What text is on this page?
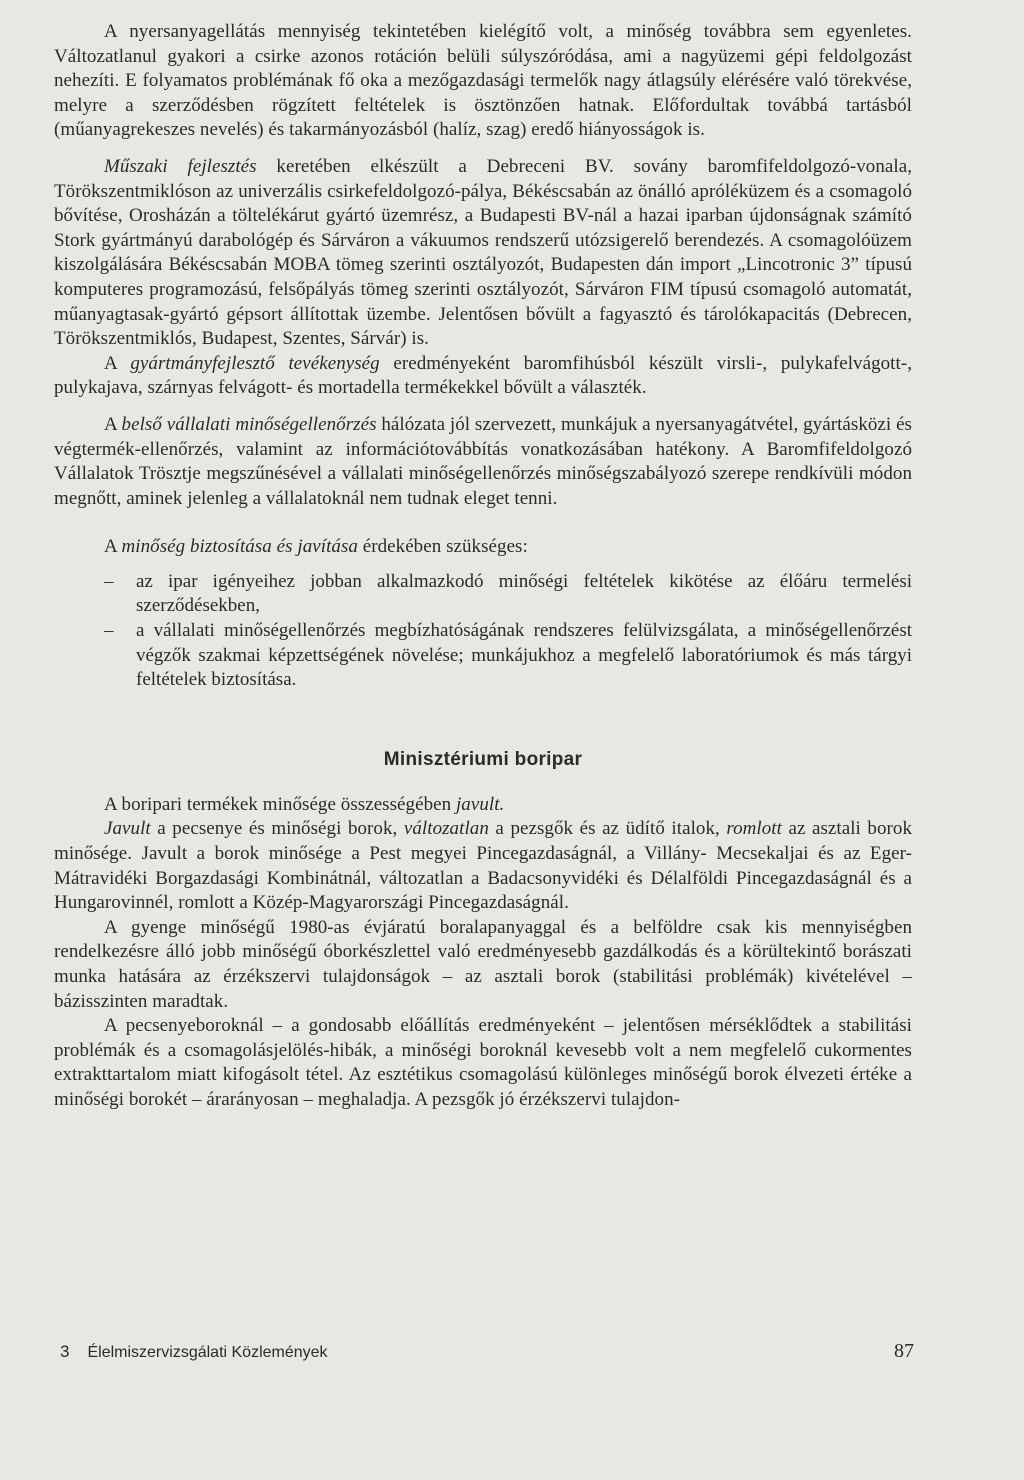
A nyersanyagellátás mennyiség tekintetében kielégítő volt, a minőség továbbra sem egyenletes. Változatlanul gyakori a csirke azonos rotáción belüli súlyszóródása, ami a nagyüzemi gépi feldolgozást nehezíti. E folyamatos problémának fő oka a mezőgazdasági termelők nagy átlagsúly elérésére való törekvése, melyre a szerződésben rögzített feltételek is ösztönzően hatnak. Előfordultak továbbá tartásból (műanyagrekeszes nevelés) és takarmányozásból (halíz, szag) eredő hiányosságok is.

Műszaki fejlesztés keretében elkészült a Debreceni BV. sovány baromfifeldolgozó-vonala, Törökszentmiklóson az univerzális csirkefeldolgozó-pálya, Békéscsabán az önálló apróléküzem és a csomagoló bővítése, Orosházán a töltelékárut gyártó üzemrész, a Budapesti BV-nál a hazai iparban újdonságnak számító Stork gyártmányú darabológép és Sárváron a vákuumos rendszerű utózsigerelő berendezés. A csomagolóüzem kiszolgálására Békéscsabán MOBA tömeg szerinti osztályozót, Budapesten dán import „Lincotronic 3” típusú komputeres programozású, felsőpályás tömeg szerinti osztályozót, Sárváron FIM típusú csomagoló automatát, műanyagtasak-gyártó gépsort állítottak üzembe. Jelentősen bővült a fagyasztó és tárolókapacitás (Debrecen, Törökszentmiklós, Budapest, Szentes, Sárvár) is.

A gyártmányfejlesztő tevékenység eredményeként baromfihúsból készült virsli-, pulykafelvágott-, pulykajava, szárnyas felvágott- és mortadella termékekkel bővült a választék.

A belső vállalati minőségellenőrzés hálózata jól szervezett, munkájuk a nyersanyagátvétel, gyártásközi és végtermék-ellenőrzés, valamint az információtovábbítás vonatkozásában hatékony. A Baromfifeldolgozó Vállalatok Trösztje megszűnésével a vállalati minőségellenőrzés minőségszabályozó szerepe rendkívüli módon megnőtt, aminek jelenleg a vállalatoknál nem tudnak eleget tenni.

A minőség biztosítása és javítása érdekében szükséges:

– az ipar igényeihez jobban alkalmazkodó minőségi feltételek kikötése az élőáru termelési szerződésekben,
– a vállalati minőségellenőrzés megbízhatóságának rendszeres felülvizsgálata, a minőségellenőrzést végzők szakmai képzettségének növelése; munkájukhoz a megfelelő laboratóriumok és más tárgyi feltételek biztosítása.
Minisztériumi boripar

A boripari termékek minősége összességében javult.

Javult a pecsenye és minőségi borok, változatlan a pezsgők és az üdítő italok, romlott az asztali borok minősége. Javult a borok minősége a Pest megyei Pincegazdaságnál, a Villány- Mecsekaljai és az Eger- Mátravidéki Borgazdasági Kombinátnál, változatlan a Badacsonyvidéki és Délalföldi Pincegazdaságnál és a Hungarovinnél, romlott a Közép-Magyarországi Pincegazdaságnál.

A gyenge minőségű 1980-as évjáratú boralapanyaggal és a belföldre csak kis mennyiségben rendelkezésre álló jobb minőségű óborkészlettel való eredményesebb gazdálkodás és a körültekintő borászati munka hatására az érzékszervi tulajdonságok – az asztali borok (stabilitási problémák) kivételével – bázisszinten maradtak.

A pecsenyeboroknál – a gondosabb előállítás eredményeként – jelentősen mérséklődtek a stabilitási problémák és a csomagolásjelölés-hibák, a minőségi boroknál kevesebb volt a nem megfelelő cukormentes extrakttartalom miatt kifogásolt tétel. Az esztétikus csomagolású különleges minőségű borok élvezeti értéke a minőségi borokét – árarányosan – meghaladja. A pezsgők jó érzékszervi tulajdon-

3 Élelmiszervizsgálati Közlemények	87
